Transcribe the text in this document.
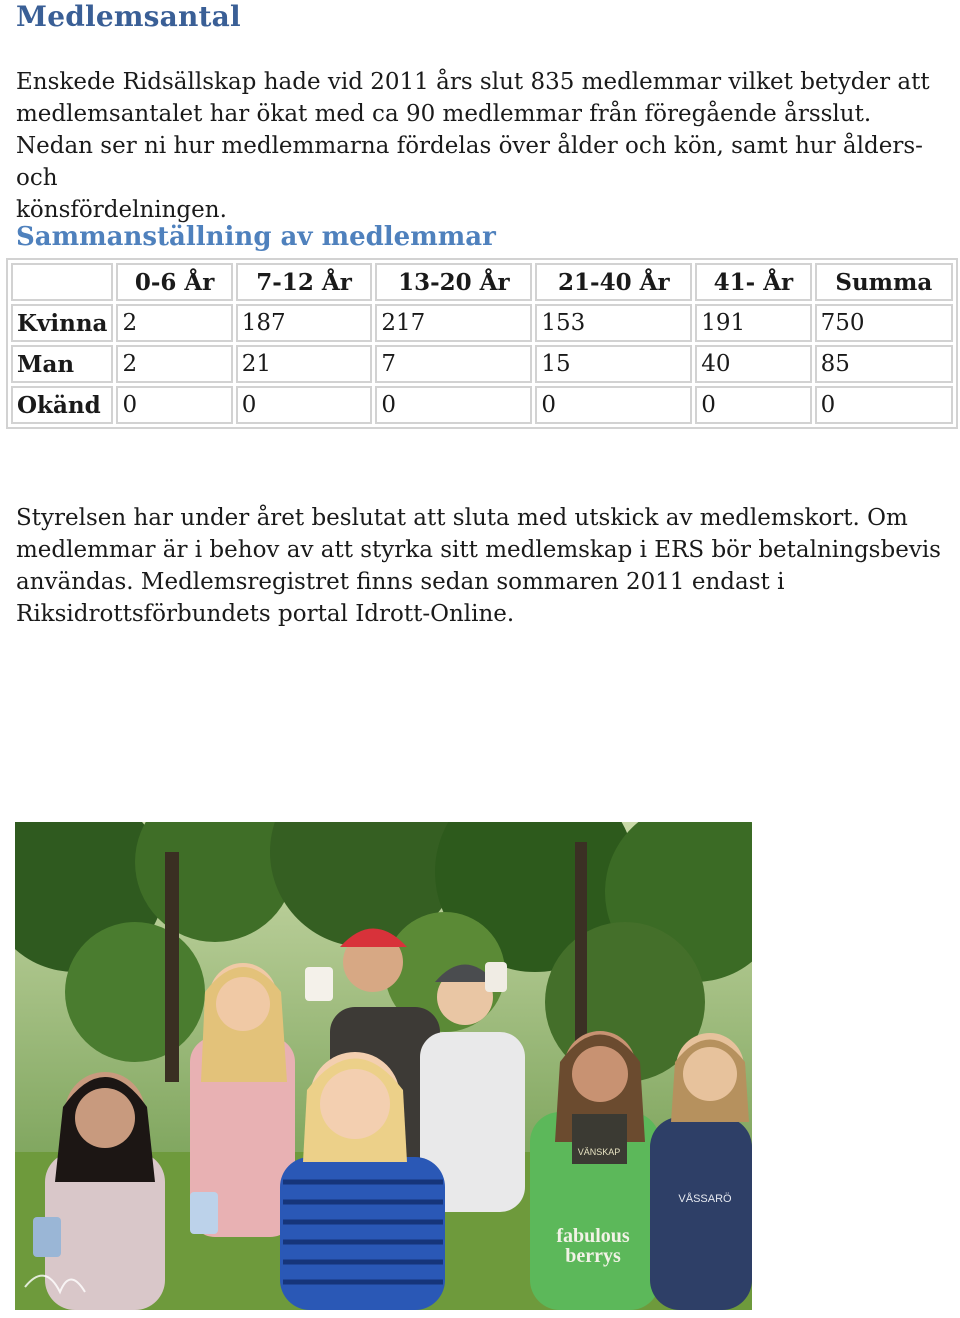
Medlemsantal

Enskede Ridsällskap hade vid 2011 års slut 835 medlemmar vilket betyder att
medlemsantalet har ökat med ca 90 medlemmar från föregående årsslut.
Nedan ser ni hur medlemmarna fördelas över ålder och kön, samt hur ålders- och
könsfördelningen.

Sammanställning av medlemmar
	0-6 År	7-12 År	13-20 År	21-40 År	41- År	Summa
Kvinna	2	187	217	153	191	750
Man	2	21	7	15	40	85
Okänd	0	0	0	0	0	0

Styrelsen har under året beslutat att sluta med utskick av medlemskort. Om
medlemmar är i behov av att styrka sitt medlemskap i ERS bör betalningsbevis
användas. Medlemsregistret finns sedan sommaren 2011 endast i
Riksidrottsförbundets portal Idrott-Online.

VÄNSKAP
fabulous
berrys
VÅSSARÖ
